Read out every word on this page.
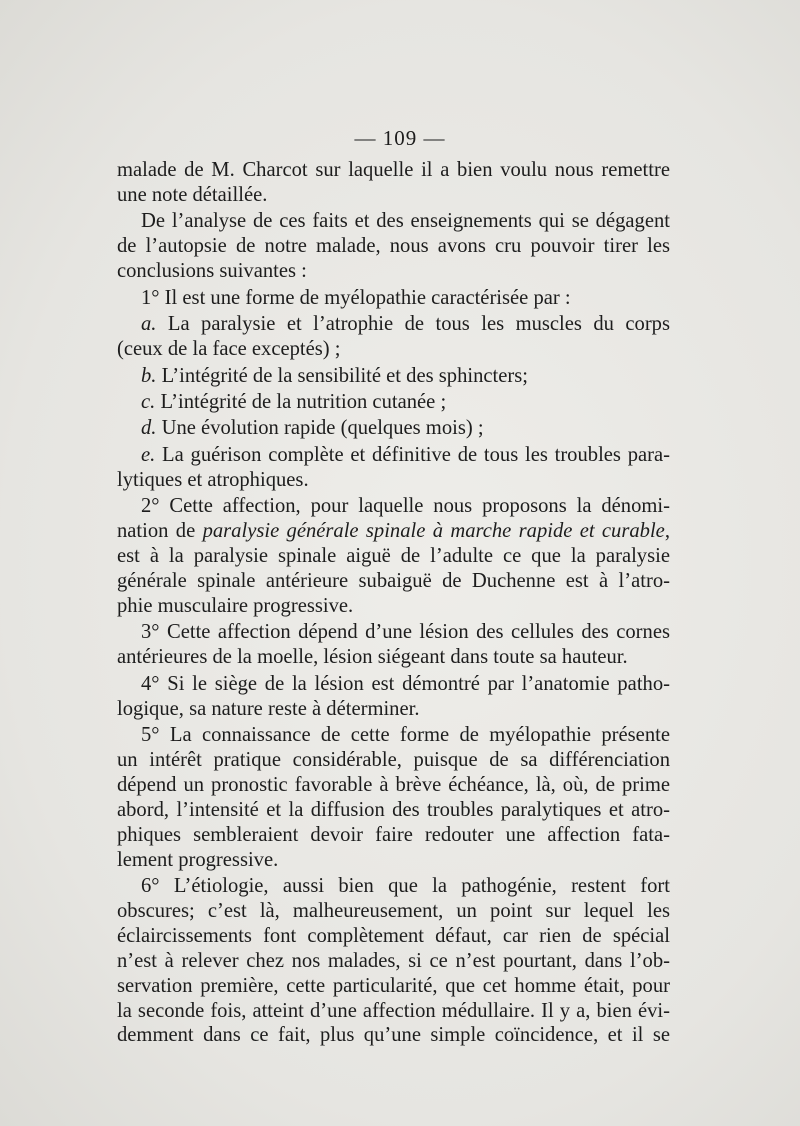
— 109 —
malade de M. Charcot sur laquelle il a bien voulu nous remettre
une note détaillée.
De l’analyse de ces faits et des enseignements qui se dégagent
de l’autopsie de notre malade, nous avons cru pouvoir tirer les
conclusions suivantes :
1° Il est une forme de myélopathie caractérisée par :
a. La paralysie et l’atrophie de tous les muscles du corps
(ceux de la face exceptés) ;
b. L’intégrité de la sensibilité et des sphincters;
c. L’intégrité de la nutrition cutanée ;
d. Une évolution rapide (quelques mois) ;
e. La guérison complète et définitive de tous les troubles para-
lytiques et atrophiques.
2° Cette affection, pour laquelle nous proposons la dénomi-
nation de paralysie générale spinale à marche rapide et curable,
est à la paralysie spinale aiguë de l’adulte ce que la paralysie
générale spinale antérieure subaiguë de Duchenne est à l’atro-
phie musculaire progressive.
3° Cette affection dépend d’une lésion des cellules des cornes
antérieures de la moelle, lésion siégeant dans toute sa hauteur.
4° Si le siège de la lésion est démontré par l’anatomie patho-
logique, sa nature reste à déterminer.
5° La connaissance de cette forme de myélopathie présente
un intérêt pratique considérable, puisque de sa différenciation
dépend un pronostic favorable à brève échéance, là, où, de prime
abord, l’intensité et la diffusion des troubles paralytiques et atro-
phiques sembleraient devoir faire redouter une affection fata-
lement progressive.
6° L’étiologie, aussi bien que la pathogénie, restent fort
obscures; c’est là, malheureusement, un point sur lequel les
éclaircissements font complètement défaut, car rien de spécial
n’est à relever chez nos malades, si ce n’est pourtant, dans l’ob-
servation première, cette particularité, que cet homme était, pour
la seconde fois, atteint d’une affection médullaire. Il y a, bien évi-
demment dans ce fait, plus qu’une simple coïncidence, et il se
